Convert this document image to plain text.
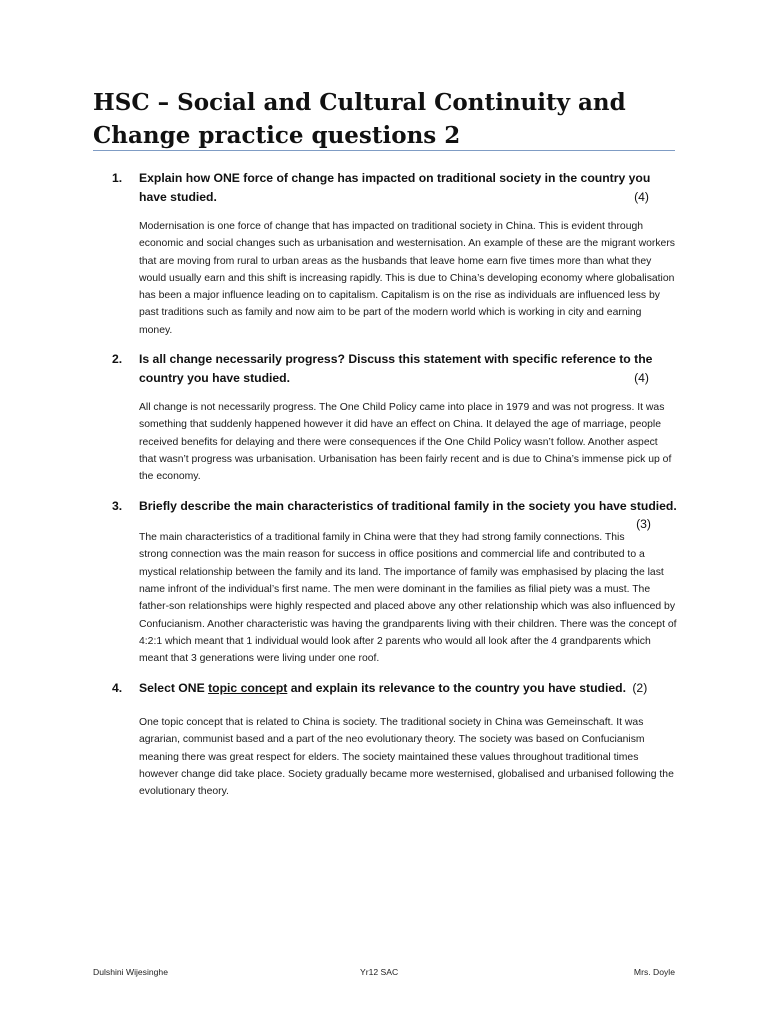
HSC – Social and Cultural Continuity and Change practice questions 2
1. Explain how ONE force of change has impacted on traditional society in the country you have studied.	(4)

Modernisation is one force of change that has impacted on traditional society in China. This is evident through economic and social changes such as urbanisation and westernisation. An example of these are the migrant workers that are moving from rural to urban areas as the husbands that leave home earn five times more than what they would usually earn and this shift is increasing rapidly. This is due to China’s developing economy where globalisation has been a major influence leading on to capitalism. Capitalism is on the rise as individuals are influenced less by past traditions such as family and now aim to be part of the modern world which is working in city and earning money.

2. Is all change necessarily progress? Discuss this statement with specific reference to the country you have studied.	(4)

All change is not necessarily progress. The One Child Policy came into place in 1979 and was not progress. It was something that suddenly happened however it did have an effect on China. It delayed the age of marriage, people received benefits for delaying and there were consequences if the One Child Policy wasn’t follow. Another aspect that wasn’t progress was urbanisation. Urbanisation has been fairly recent and is due to China’s immense pick up of the economy.

3. Briefly describe the main characteristics of traditional family in the society you have studied.
(3)

The main characteristics of a traditional family in China were that they had strong family connections. This strong connection was the main reason for success in office positions and commercial life and contributed to a mystical relationship between the family and its land. The importance of family was emphasised by placing the last name infront of the individual’s first name. The men were dominant in the families as filial piety was a must. The father-son relationships were highly respected and placed above any other relationship which was also influenced by Confucianism. Another characteristic was having the grandparents living with their children. There was the concept of 4:2:1 which meant that 1 individual would look after 2 parents who would all look after the 4 grandparents which meant that 3 generations were living under one roof.

4. Select ONE topic concept and explain its relevance to the country you have studied. (2)

One topic concept that is related to China is society. The traditional society in China was Gemeinschaft. It was agrarian, communist based and a part of the neo evolutionary theory. The society was based on Confucianism meaning there was great respect for elders. The society maintained these values throughout traditional times however change did take place. Society gradually became more westernised, globalised and urbanised following the evolutionary theory.

Dulshini Wijesinghe	Yr12 SAC	Mrs. Doyle
